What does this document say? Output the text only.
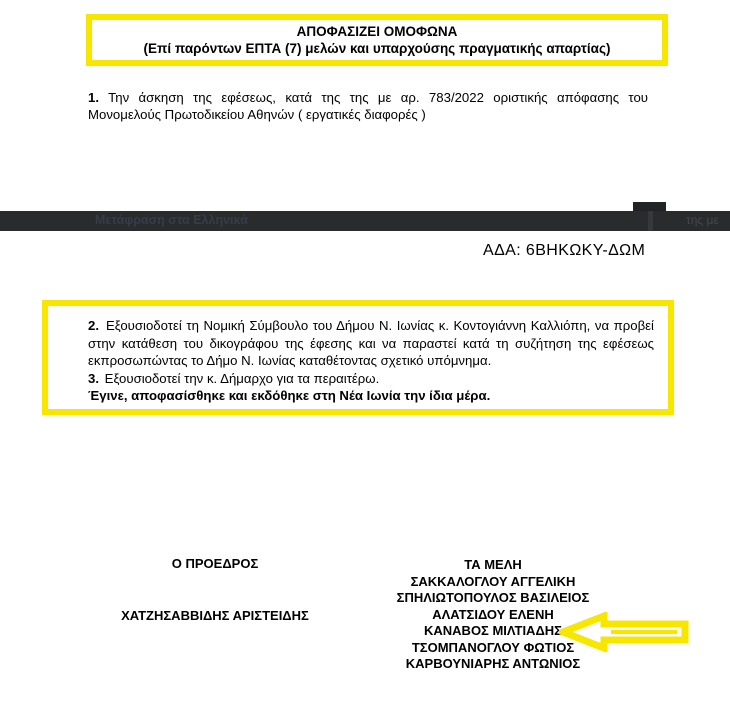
ΑΠΟΦΑΣΙΖΕΙ ΟΜΟΦΩΝΑ
(Επί παρόντων ΕΠΤΑ (7) μελών και υπαρχούσης πραγματικής απαρτίας)

1. Την άσκηση της εφέσεως, κατά της της με αρ. 783/2022 οριστικής απόφασης του Μονομελούς Πρωτοδικείου Αθηνών ( εργατικές διαφορές )

Μετάφραση στα Ελληνικά	της με
ΑΔΑ: 6ΒΗΚΩΚΥ-ΔΩΜ

2. Εξουσιοδοτεί τη Νομική Σύμβουλο του Δήμου Ν. Ιωνίας κ. Κοντογιάννη Καλλιόπη, να προβεί στην κατάθεση του δικογράφου της έφεσης και να παραστεί κατά τη συζήτηση της εφέσεως εκπροσωπώντας το Δήμο Ν. Ιωνίας καταθέτοντας σχετικό υπόμνημα.

3. Εξουσιοδοτεί την κ. Δήμαρχο για τα περαιτέρω.

Έγινε, αποφασίσθηκε και εκδόθηκε στη Νέα Ιωνία την ίδια μέρα.

Ο ΠΡΟΕΔΡΟΣ
ΧΑΤΖΗΣΑΒΒΙΔΗΣ ΑΡΙΣΤΕΙΔΗΣ
ΤΑ ΜΕΛΗ
ΣΑΚΚΑΛΟΓΛΟΥ ΑΓΓΕΛΙΚΗ
ΣΠΗΛΙΩΤΟΠΟΥΛΟΣ ΒΑΣΙΛΕΙΟΣ
ΑΛΑΤΣΙΔΟΥ ΕΛΕΝΗ
ΚΑΝΑΒΟΣ ΜΙΛΤΙΑΔΗΣ
ΤΣΟΜΠΑΝΟΓΛΟΥ ΦΩΤΙΟΣ
ΚΑΡΒΟΥΝΙΑΡΗΣ ΑΝΤΩΝΙΟΣ
